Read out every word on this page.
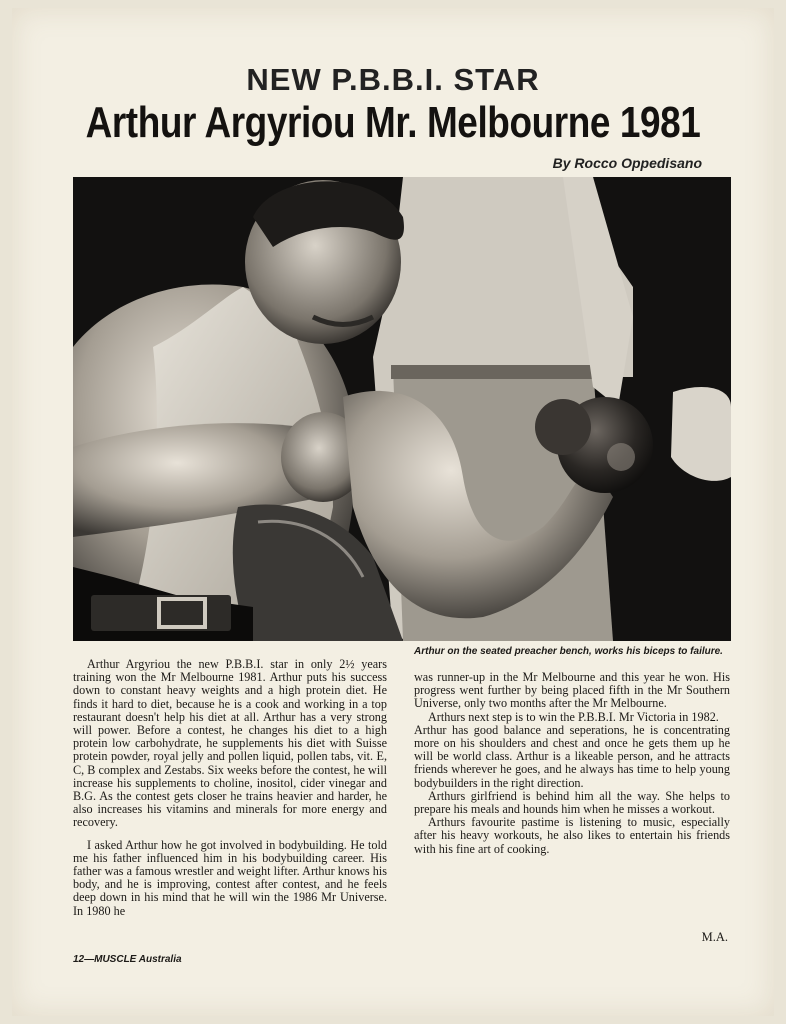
NEW P.B.B.I. STAR
Arthur Argyriou Mr. Melbourne 1981
By Rocco Oppedisano
Arthur on the seated preacher bench, works his biceps to failure.

Arthur Argyriou the new P.B.B.I. star in only 2½ years training won the Mr Melbourne 1981. Arthur puts his success down to constant heavy weights and a high protein diet. He finds it hard to diet, because he is a cook and working in a top restaurant doesn't help his diet at all. Arthur has a very strong will power. Before a contest, he changes his diet to a high protein low carbohydrate, he supplements his diet with Suisse protein powder, royal jelly and pollen liquid, pollen tabs, vit. E, C, B complex and Zestabs. Six weeks before the contest, he will increase his supplements to choline, inositol, cider vinegar and B.G. As the contest gets closer he trains heavier and harder, he also increases his vitamins and minerals for more energy and recovery.

I asked Arthur how he got involved in bodybuilding. He told me his father influenced him in his bodybuilding career. His father was a famous wrestler and weight lifter. Arthur knows his body, and he is improving, contest after contest, and he feels deep down in his mind that he will win the 1986 Mr Universe. In 1980 he

was runner-up in the Mr Melbourne and this year he won. His progress went further by being placed fifth in the Mr Southern Universe, only two months after the Mr Melbourne.

Arthurs next step is to win the P.B.B.I. Mr Victoria in 1982.

Arthur has good balance and seperations, he is concentrating more on his shoulders and chest and once he gets them up he will be world class. Arthur is a likeable person, and he attracts friends wherever he goes, and he always has time to help young bodybuilders in the right direction.

Arthurs girlfriend is behind him all the way. She helps to prepare his meals and hounds him when he misses a workout.

Arthurs favourite pastime is listening to music, especially after his heavy workouts, he also likes to entertain his friends with his fine art of cooking.

M.A.
12—MUSCLE Australia
